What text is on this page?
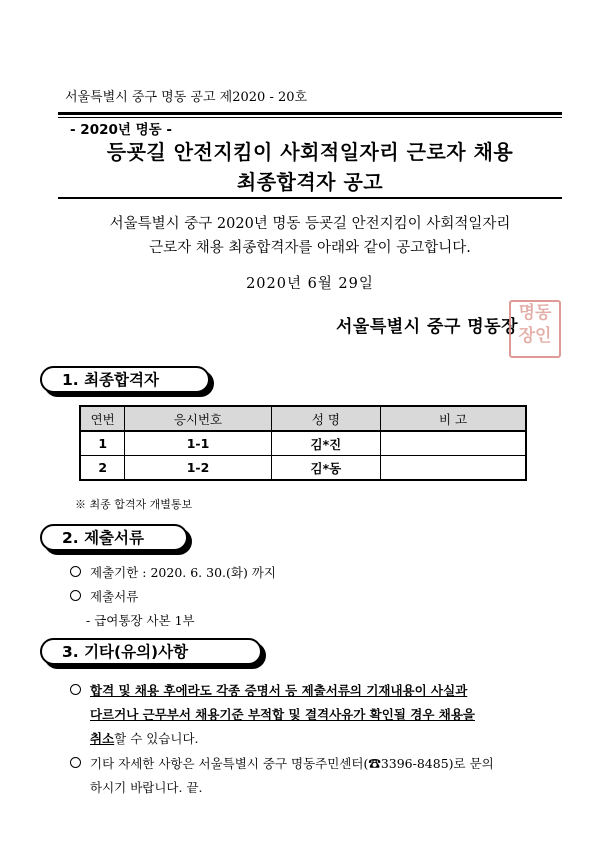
서울특별시 중구 명동 공고 제2020 - 20호
- 2020년 명동 -
등굣길 안전지킴이 사회적일자리 근로자 채용
최종합격자 공고
서울특별시 중구 2020년 명동 등굣길 안전지킴이 사회적일자리
근로자 채용 최종합격자를 아래와 같이 공고합니다.
2020년 6월 29일
서울특별시 중구 명동장
명동
장인
1. 최종합격자
연번	응시번호	성 명	비 고
1	1-1	김*진	
2	1-2	김*동	
※ 최종 합격자 개별통보
2. 제출서류
제출기한 : 2020. 6. 30.(화) 까지
제출서류
- 급여통장 사본 1부
3. 기타(유의)사항
합격 및 채용 후에라도 각종 증명서 등 제출서류의 기재내용이 사실과
다르거나 근무부서 채용기준 부적합 및 결격사유가 확인될 경우 채용을
취소할 수 있습니다.
기타 자세한 사항은 서울특별시 중구 명동주민센터(☎3396-8485)로 문의
하시기 바랍니다. 끝.
